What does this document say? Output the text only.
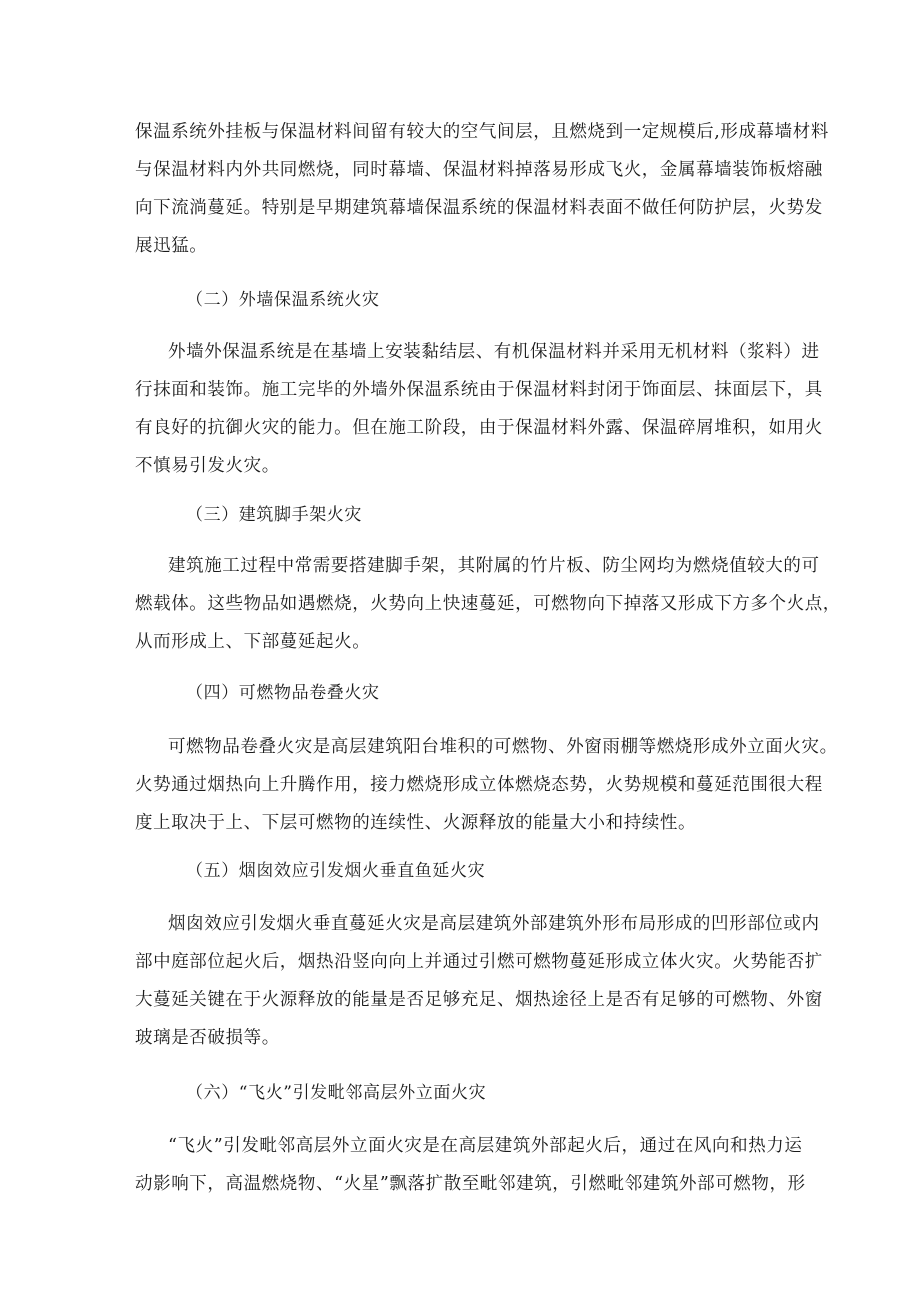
保温系统外挂板与保温材料间留有较大的空气间层，且燃烧到一定规模后,形成幕墙材料
与保温材料内外共同燃烧，同时幕墙、保温材料掉落易形成飞火，金属幕墙装饰板熔融
向下流淌蔓延。特别是早期建筑幕墙保温系统的保温材料表面不做任何防护层，火势发
展迅猛。
（二）外墙保温系统火灾
外墙外保温系统是在基墙上安装黏结层、有机保温材料并采用无机材料（浆料）进
行抹面和装饰。施工完毕的外墙外保温系统由于保温材料封闭于饰面层、抹面层下，具
有良好的抗御火灾的能力。但在施工阶段，由于保温材料外露、保温碎屑堆积，如用火
不慎易引发火灾。
（三）建筑脚手架火灾
建筑施工过程中常需要搭建脚手架，其附属的竹片板、防尘网均为燃烧值较大的可
燃载体。这些物品如遇燃烧，火势向上快速蔓延，可燃物向下掉落又形成下方多个火点，
从而形成上、下部蔓延起火。
（四）可燃物品卷叠火灾
可燃物品卷叠火灾是高层建筑阳台堆积的可燃物、外窗雨棚等燃烧形成外立面火灾。
火势通过烟热向上升腾作用，接力燃烧形成立体燃烧态势，火势规模和蔓延范围很大程
度上取决于上、下层可燃物的连续性、火源释放的能量大小和持续性。
（五）烟囱效应引发烟火垂直鱼延火灾
烟囱效应引发烟火垂直蔓延火灾是高层建筑外部建筑外形布局形成的凹形部位或内
部中庭部位起火后，烟热沿竖向向上并通过引燃可燃物蔓延形成立体火灾。火势能否扩
大蔓延关键在于火源释放的能量是否足够充足、烟热途径上是否有足够的可燃物、外窗
玻璃是否破损等。
（六）“飞火”引发毗邻高层外立面火灾
“飞火”引发毗邻高层外立面火灾是在高层建筑外部起火后，通过在风向和热力运
动影响下，高温燃烧物、“火星”飘落扩散至毗邻建筑，引燃毗邻建筑外部可燃物，形
